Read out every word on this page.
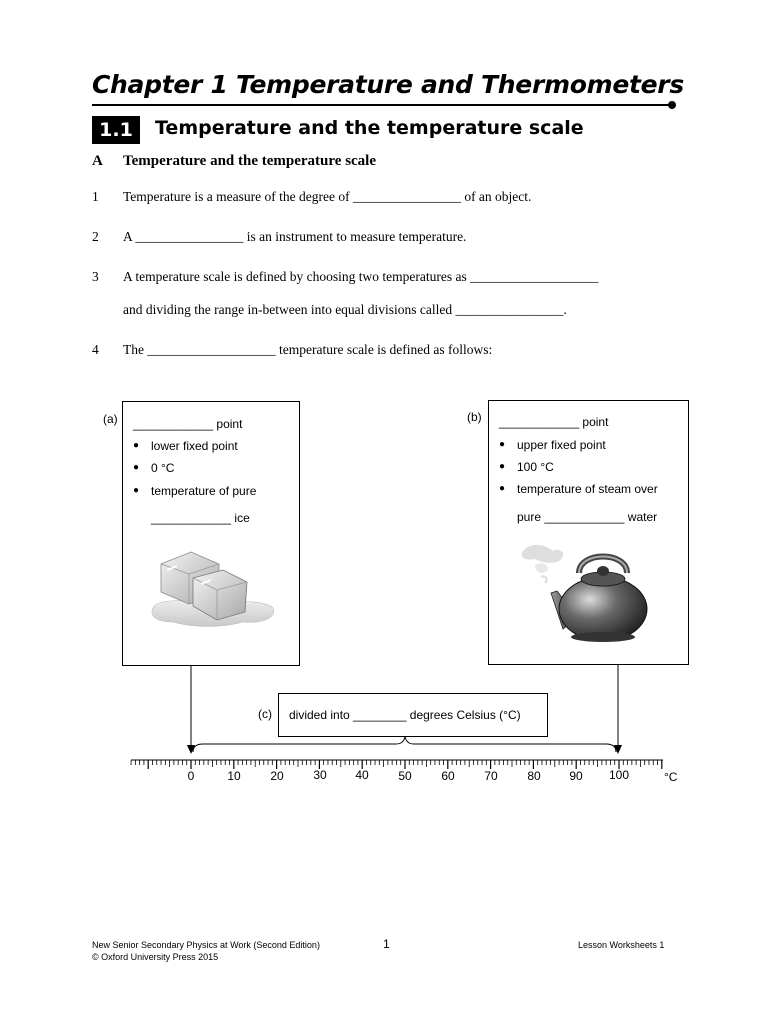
Chapter 1 Temperature and Thermometers
1.1	Temperature and the temperature scale
A Temperature and the temperature scale
1 Temperature is a measure of the degree of ________________ of an object.
2 A ________________ is an instrument to measure temperature.
3 A temperature scale is defined by choosing two temperatures as ___________________
and dividing the range in-between into equal divisions called ________________.
4 The ___________________ temperature scale is defined as follows:
(a) ____________ point
● lower fixed point
● 0 °C
● temperature of pure
____________ ice
(b) ____________ point
● upper fixed point
● 100 °C
● temperature of steam over
pure ____________ water
(c) divided into ________ degrees Celsius (°C)
0	10 20 30 40 50 60 70 80 90 100	°C
New Senior Secondary Physics at Work (Second Edition)
© Oxford University Press 2015
1	Lesson Worksheets 1
